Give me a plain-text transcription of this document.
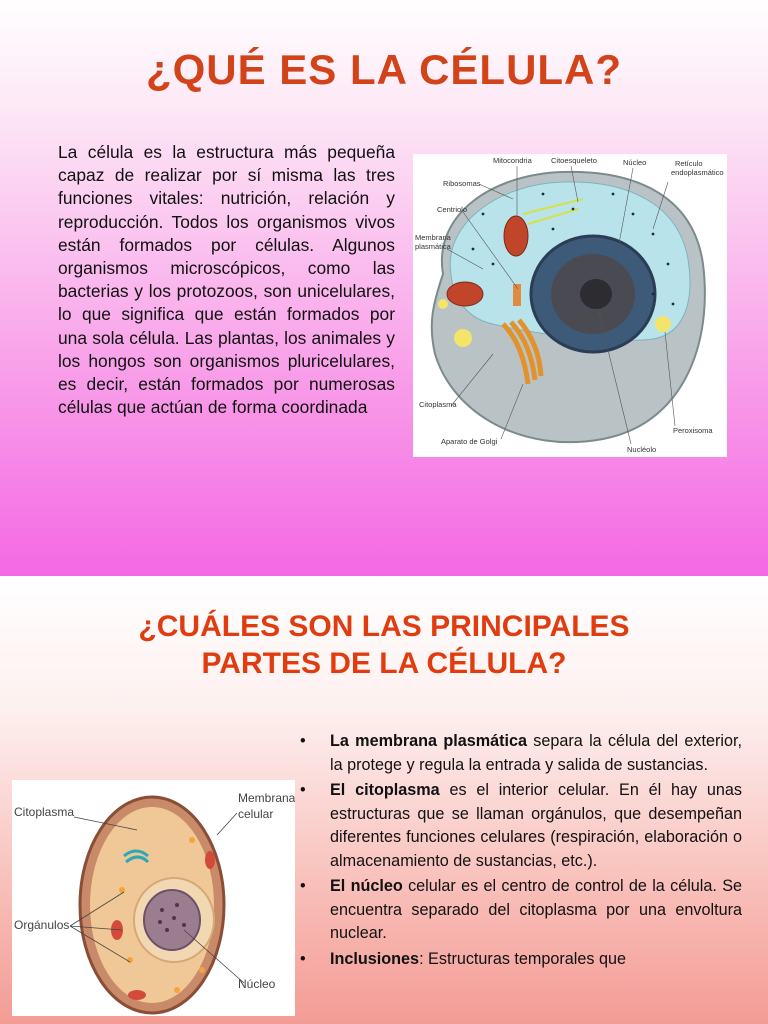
¿QUÉ ES LA CÉLULA?

La célula es la estructura más pequeña capaz de realizar por sí misma las tres funciones vitales: nutrición, relación y reproducción. Todos los organismos vivos están formados por células. Algunos organismos microscópicos, como las bacterias y los protozoos, son unicelulares, lo que significa que están formados por una sola célula. Las plantas, los animales y los hongos son organismos pluricelulares, es decir, están formados por numerosas células que actúan de forma coordinada

Mitocondria	Citoesqueleto	Núcleo	Retículo
endoplasmático
Ribosomas
Centriolo
Membrana
plasmática
Citoplasma
Peroxisoma
Aparato de Golgi
Nucléolo
¿CUÁLES SON LAS PRINCIPALES
PARTES DE LA CÉLULA?
Citoplasma
Membrana
celular
Orgánulos
Núcleo
• La membrana plasmática separa la célula del exterior, la protege y regula la entrada y salida de sustancias.
• El citoplasma es el interior celular. En él hay unas estructuras que se llaman orgánulos, que desempeñan diferentes funciones celulares (respiración, elaboración o almacenamiento de sustancias, etc.).
• El núcleo celular es el centro de control de la célula. Se encuentra separado del citoplasma por una envoltura nuclear.
• Inclusiones: Estructuras temporales que
